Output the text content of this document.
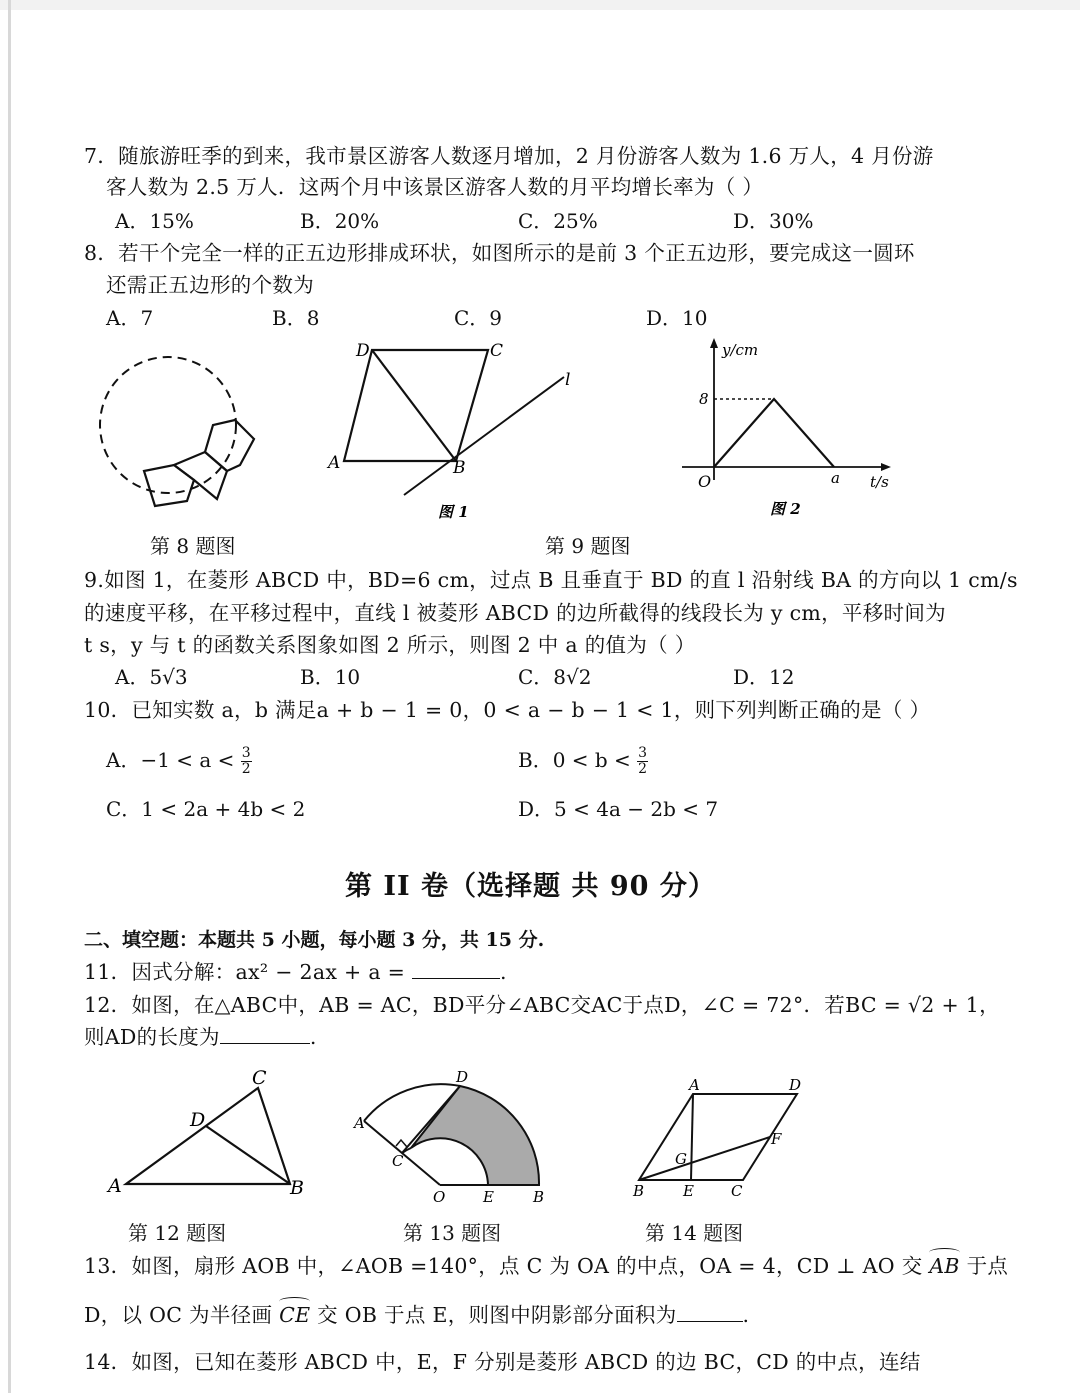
7．随旅游旺季的到来，我市景区游客人数逐月增加，2 月份游客人数为 1.6 万人，4 月份游
客人数为 2.5 万人．这两个月中该景区游客人数的月平均增长率为（ ）
A．15%	B．20%	C．25%	D．30%
8．若干个完全一样的正五边形排成环状，如图所示的是前 3 个正五边形，要完成这一圆环
还需正五边形的个数为
A．7	B．8	C．9	D．10
第 8 题图
D	C
A	B
l
图 1
y/cm
8
O	a t/s
图 2
第 9 题图
9.如图 1，在菱形 ABCD 中，BD=6 cm，过点 B 且垂直于 BD 的直 l 沿射线 BA 的方向以 1 cm/s
的速度平移，在平移过程中，直线 l 被菱形 ABCD 的边所截得的线段长为 y cm，平移时间为
t s，y 与 t 的函数关系图象如图 2 所示，则图 2 中 a 的值为（ ）
A．5√3	B．10	C．8√2	D．12
10．已知实数 a，b 满足a + b − 1 = 0，0 < a − b − 1 < 1，则下列判断正确的是（ ）
A．$-1 < a < \frac{3}{2}$	B．$0 < b < \frac{3}{2}$
C．1 < 2a + 4b < 2	D．5 < 4a − 2b < 7
第 II 卷（选择题 共 90 分）
二、填空题：本题共 5 小题，每小题 3 分，共 15 分.
11．因式分解：ax² − 2ax + a =	.
12．如图，在△ABC中，AB = AC，BD平分∠ABC交AC于点D，∠C = 72°．若BC = √2 + 1，
则AD的长度为	.
A
C
D
B
第 12 题图
A
D
C
O	E	B
第 13 题图
A	D
F
G
B	E C
第 14 题图
13．如图，扇形 AOB 中，∠AOB =140°，点 C 为 OA 的中点，OA = 4，CD ⊥ AO 交
AB 于点
D，以 OC 为半径画
CE 交 OB 于点 E，则图中阴影部分面积为	.
14．如图，已知在菱形 ABCD 中，E，F 分别是菱形 ABCD 的边 BC，CD 的中点，连结
